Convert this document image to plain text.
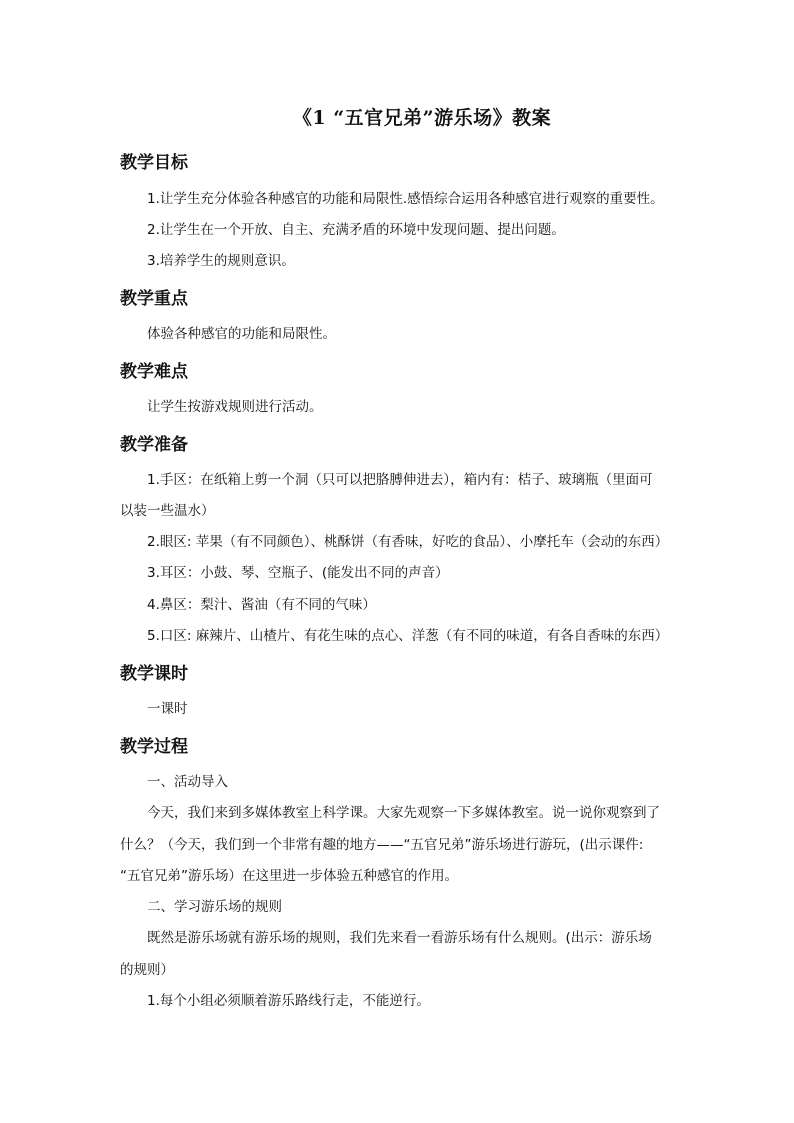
《1 “五官兄弟”游乐场》教案
教学目标
1.让学生充分体验各种感官的功能和局限性.感悟综合运用各种感官进行观察的重要性。
2.让学生在一个开放、自主、充满矛盾的环境中发现问题、提出问题。
3.培养学生的规则意识。
教学重点
体验各种感官的功能和局限性。
教学难点
让学生按游戏规则进行活动。
教学准备
1.手区：在纸箱上剪一个洞（只可以把胳膊伸进去），箱内有：桔子、玻璃瓶（里面可
以装一些温水）
2.眼区: 苹果（有不同颜色）、桃酥饼（有香味，好吃的食品）、小摩托车（会动的东西）
3.耳区：小鼓、琴、空瓶子、(能发出不同的声音）
4.鼻区：梨汁、酱油（有不同的气味）
5.口区: 麻辣片、山楂片、有花生味的点心、洋葱（有不同的味道，有各自香味的东西）
教学课时
一课时
教学过程
一、活动导入
今天，我们来到多媒体教室上科学课。大家先观察一下多媒体教室。说一说你观察到了
什么？（今天，我们到一个非常有趣的地方——“五官兄弟”游乐场进行游玩，(出示课件:
“五官兄弟”游乐场）在这里进一步体验五种感官的作用。
二、学习游乐场的规则
既然是游乐场就有游乐场的规则，我们先来看一看游乐场有什么规则。(出示：游乐场
的规则）
1.每个小组必须顺着游乐路线行走，不能逆行。
